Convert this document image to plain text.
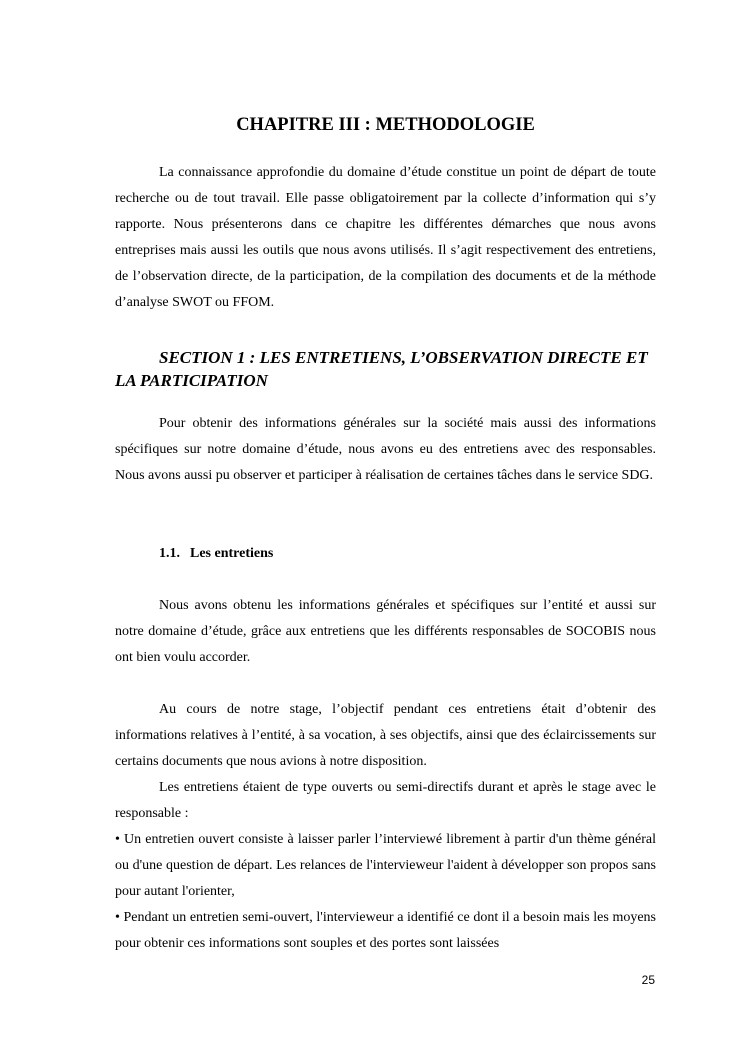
CHAPITRE III : METHODOLOGIE

La connaissance approfondie du domaine d’étude constitue un point de départ de toute recherche ou de tout travail. Elle passe obligatoirement par la collecte d’information qui s’y rapporte. Nous présenterons dans ce chapitre les différentes démarches que nous avons entreprises mais aussi les outils que nous avons utilisés. Il s’agit respectivement des entretiens, de l’observation directe, de la participation, de la compilation des documents et de la méthode d’analyse SWOT ou FFOM.

SECTION 1 : LES ENTRETIENS, L’OBSERVATION DIRECTE ET LA PARTICIPATION

Pour obtenir des informations générales sur la société mais aussi des informations spécifiques sur notre domaine d’étude, nous avons eu des entretiens avec des responsables. Nous avons aussi pu observer et participer à réalisation de certaines tâches dans le service SDG.

1.1. Les entretiens

Nous avons obtenu les informations générales et spécifiques sur l’entité et aussi sur notre domaine d’étude, grâce aux entretiens que les différents responsables de SOCOBIS nous ont bien voulu accorder.

Au cours de notre stage, l’objectif pendant ces entretiens était d’obtenir des informations relatives à l’entité, à sa vocation, à ses objectifs, ainsi que des éclaircissements sur certains documents que nous avions à notre disposition.

Les entretiens étaient de type ouverts ou semi-directifs durant et après le stage avec le responsable :

• Un entretien ouvert consiste à laisser parler l’interviewé librement à partir d'un thème général ou d'une question de départ. Les relances de l'intervieweur l'aident à développer son propos sans pour autant l'orienter,

• Pendant un entretien semi-ouvert, l'intervieweur a identifié ce dont il a besoin mais les moyens pour obtenir ces informations sont souples et des portes sont laissées

25
